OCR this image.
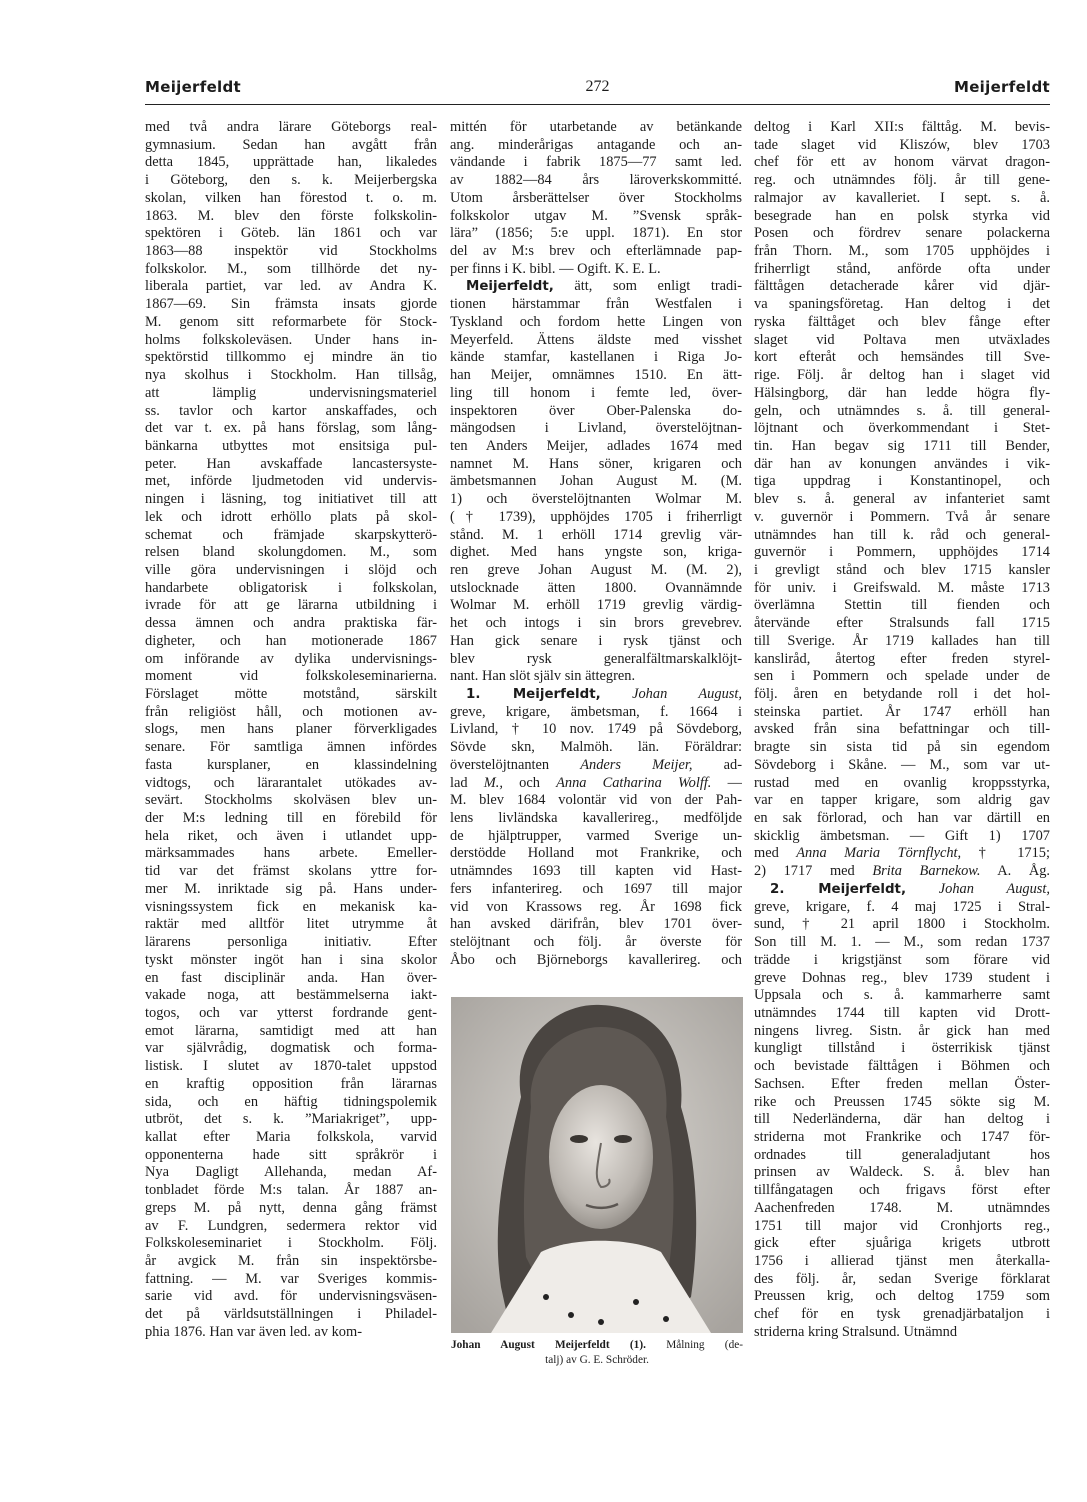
Meijerfeldt	272	Meijerfeldt
med två andra lärare Göteborgs real-
gymnasium. Sedan han avgått från
detta 1845, upprättade han, likaledes
i Göteborg, den s. k. Meijerbergska
skolan, vilken han förestod t. o. m.
1863. M. blev den förste folkskolin-
spektören i Göteb. län 1861 och var
1863—88 inspektör vid Stockholms
folkskolor. M., som tillhörde det ny-
liberala partiet, var led. av Andra K.
1867—69. Sin främsta insats gjorde
M. genom sitt reformarbete för Stock-
holms folkskoleväsen. Under hans in-
spektörstid tillkommo ej mindre än tio
nya skolhus i Stockholm. Han tillsåg,
att lämplig undervisningsmateriel
ss. tavlor och kartor anskaffades, och
det var t. ex. på hans förslag, som lång-
bänkarna utbyttes mot ensitsiga pul-
peter. Han avskaffade lancastersyste-
met, införde ljudmetoden vid undervis-
ningen i läsning, tog initiativet till att
lek och idrott erhöllo plats på skol-
schemat och främjade skarpskytterö-
relsen bland skolungdomen. M., som
ville göra undervisningen i slöjd och
handarbete obligatorisk i folkskolan,
ivrade för att ge lärarna utbildning i
dessa ämnen och andra praktiska fär-
digheter, och han motionerade 1867
om införande av dylika undervisnings-
moment vid folkskoleseminarierna.
Förslaget mötte motstånd, särskilt
från religiöst håll, och motionen av-
slogs, men hans planer förverkligades
senare. För samtliga ämnen infördes
fasta kursplaner, en klassindelning
vidtogs, och lärarantalet utökades av-
sevärt. Stockholms skolväsen blev un-
der M:s ledning till en förebild för
hela riket, och även i utlandet upp-
märksammades hans arbete. Emeller-
tid var det främst skolans yttre for-
mer M. inriktade sig på. Hans under-
visningssystem fick en mekanisk ka-
raktär med alltför litet utrymme åt
lärarens personliga initiativ. Efter
tyskt mönster ingöt han i sina skolor
en fast disciplinär anda. Han över-
vakade noga, att bestämmelserna iakt-
togos, och var ytterst fordrande gent-
emot lärarna, samtidigt med att han
var självrådig, dogmatisk och forma-
listisk. I slutet av 1870-talet uppstod
en kraftig opposition från lärarnas
sida, och en häftig tidningspolemik
utbröt, det s. k. ”Mariakriget”, upp-
kallat efter Maria folkskola, varvid
opponenterna hade sitt språkrör i
Nya Dagligt Allehanda, medan Af-
tonbladet förde M:s talan. År 1887 an-
greps M. på nytt, denna gång främst
av F. Lundgren, sedermera rektor vid
Folkskoleseminariet i Stockholm. Följ.
år avgick M. från sin inspektörsbe-
fattning. — M. var Sveriges kommis-
sarie vid avd. för undervisningsväsen-
det på världsutställningen i Philadel-
phia 1876. Han var även led. av kom-
mittén för utarbetande av betänkande
ang. minderårigas antagande och an-
vändande i fabrik 1875—77 samt led.
av 1882—84 års läroverkskommitté.
Utom årsberättelser över Stockholms
folkskolor utgav M. ”Svensk språk-
lära” (1856; 5:e uppl. 1871). En stor
del av M:s brev och efterlämnade pap-
per finns i K. bibl. — Ogift. K. E. L.
Meijerfeldt, ätt, som enligt tradi-
tionen härstammar från Westfalen i
Tyskland och fordom hette Lingen von
Meyerfeld. Ättens äldste med visshet
kände stamfar, kastellanen i Riga Jo-
han Meijer, omnämnes 1510. En ätt-
ling till honom i femte led, över-
inspektoren över Ober-Palenska do-
mängodsen i Livland, överstelöjtnan-
ten Anders Meijer, adlades 1674 med
namnet M. Hans söner, krigaren och
ämbetsmannen Johan August M. (M.
1) och överstelöjtnanten Wolmar M.
(† 1739), upphöjdes 1705 i friherrligt
stånd. M. 1 erhöll 1714 grevlig vär-
dighet. Med hans yngste son, kriga-
ren greve Johan August M. (M. 2),
utslocknade ätten 1800. Ovannämnde
Wolmar M. erhöll 1719 grevlig värdig-
het och intogs i sin brors grevebrev.
Han gick senare i rysk tjänst och
blev rysk generalfältmarskalklöjt-
nant. Han slöt själv sin ättegren.
1. Meijerfeldt, Johan August,
greve, krigare, ämbetsman, f. 1664 i
Livland, † 10 nov. 1749 på Sövdeborg,
Sövde skn, Malmöh. län. Föräldrar:
överstelöjtnanten Anders Meijer, ad-
lad M., och Anna Catharina Wolff. —
M. blev 1684 volontär vid von der Pah-
lens livländska kavallerireg., medföljde
de hjälptrupper, varmed Sverige un-
derstödde Holland mot Frankrike, och
utnämndes 1693 till kapten vid Hast-
fers infanterireg. och 1697 till major
vid von Krassows reg. År 1698 fick
han avsked därifrån, blev 1701 över-
stelöjtnant och följ. år överste för
Åbo och Björneborgs kavallerireg. och
deltog i Karl XII:s fälttåg. M. bevis-
tade slaget vid Kliszów, blev 1703
chef för ett av honom värvat dragon-
reg. och utnämndes följ. år till gene-
ralmajor av kavalleriet. I sept. s. å.
besegrade han en polsk styrka vid
Posen och fördrev senare polackerna
från Thorn. M., som 1705 upphöjdes i
friherrligt stånd, anförde ofta under
fälttågen detacherade kårer vid djär-
va spaningsföretag. Han deltog i det
ryska fälttåget och blev fånge efter
slaget vid Poltava men utväxlades
kort efteråt och hemsändes till Sve-
rige. Följ. år deltog han i slaget vid
Hälsingborg, där han ledde högra fly-
geln, och utnämndes s. å. till general-
löjtnant och överkommendant i Stet-
tin. Han begav sig 1711 till Bender,
där han av konungen användes i vik-
tiga uppdrag i Konstantinopel, och
blev s. å. general av infanteriet samt
v. guvernör i Pommern. Två år senare
utnämndes han till k. råd och general-
guvernör i Pommern, upphöjdes 1714
i grevligt stånd och blev 1715 kansler
för univ. i Greifswald. M. måste 1713
överlämna Stettin till fienden och
återvände efter Stralsunds fall 1715
till Sverige. År 1719 kallades han till
kansliråd, återtog efter freden styrel-
sen i Pommern och spelade under de
följ. åren en betydande roll i det hol-
steinska partiet. År 1747 erhöll han
avsked från sina befattningar och till-
bragte sin sista tid på sin egendom
Sövdeborg i Skåne. — M., som var ut-
rustad med en ovanlig kroppsstyrka,
var en tapper krigare, som aldrig gav
en sak förlorad, och han var därtill en
skicklig ämbetsman. — Gift 1) 1707
med Anna Maria Törnflycht, † 1715;
2) 1717 med Brita Barnekow. A. Åg.
2. Meijerfeldt, Johan August,
greve, krigare, f. 4 maj 1725 i Stral-
sund, † 21 april 1800 i Stockholm.
Son till M. 1. — M., som redan 1737
trädde i krigstjänst som förare vid
greve Dohnas reg., blev 1739 student i
Uppsala och s. å. kammarherre samt
utnämndes 1744 till kapten vid Drott-
ningens livreg. Sistn. år gick han med
kungligt tillstånd i österrikisk tjänst
och bevistade fälttågen i Böhmen och
Sachsen. Efter freden mellan Öster-
rike och Preussen 1745 sökte sig M.
till Nederländerna, där han deltog i
striderna mot Frankrike och 1747 för-
ordnades till generaladjutant hos
prinsen av Waldeck. S. å. blev han
tillfångatagen och frigavs först efter
Aachenfreden 1748. M. utnämndes
1751 till major vid Cronhjorts reg.,
gick efter sjuåriga krigets utbrott
1756 i allierad tjänst men återkalla-
des följ. år, sedan Sverige förklarat
Preussen krig, och deltog 1759 som
chef för en tysk grenadjärbataljon i
striderna kring Stralsund. Utnämnd
Johan August Meijerfeldt (1). Målning (de-
talj) av G. E. Schröder.
